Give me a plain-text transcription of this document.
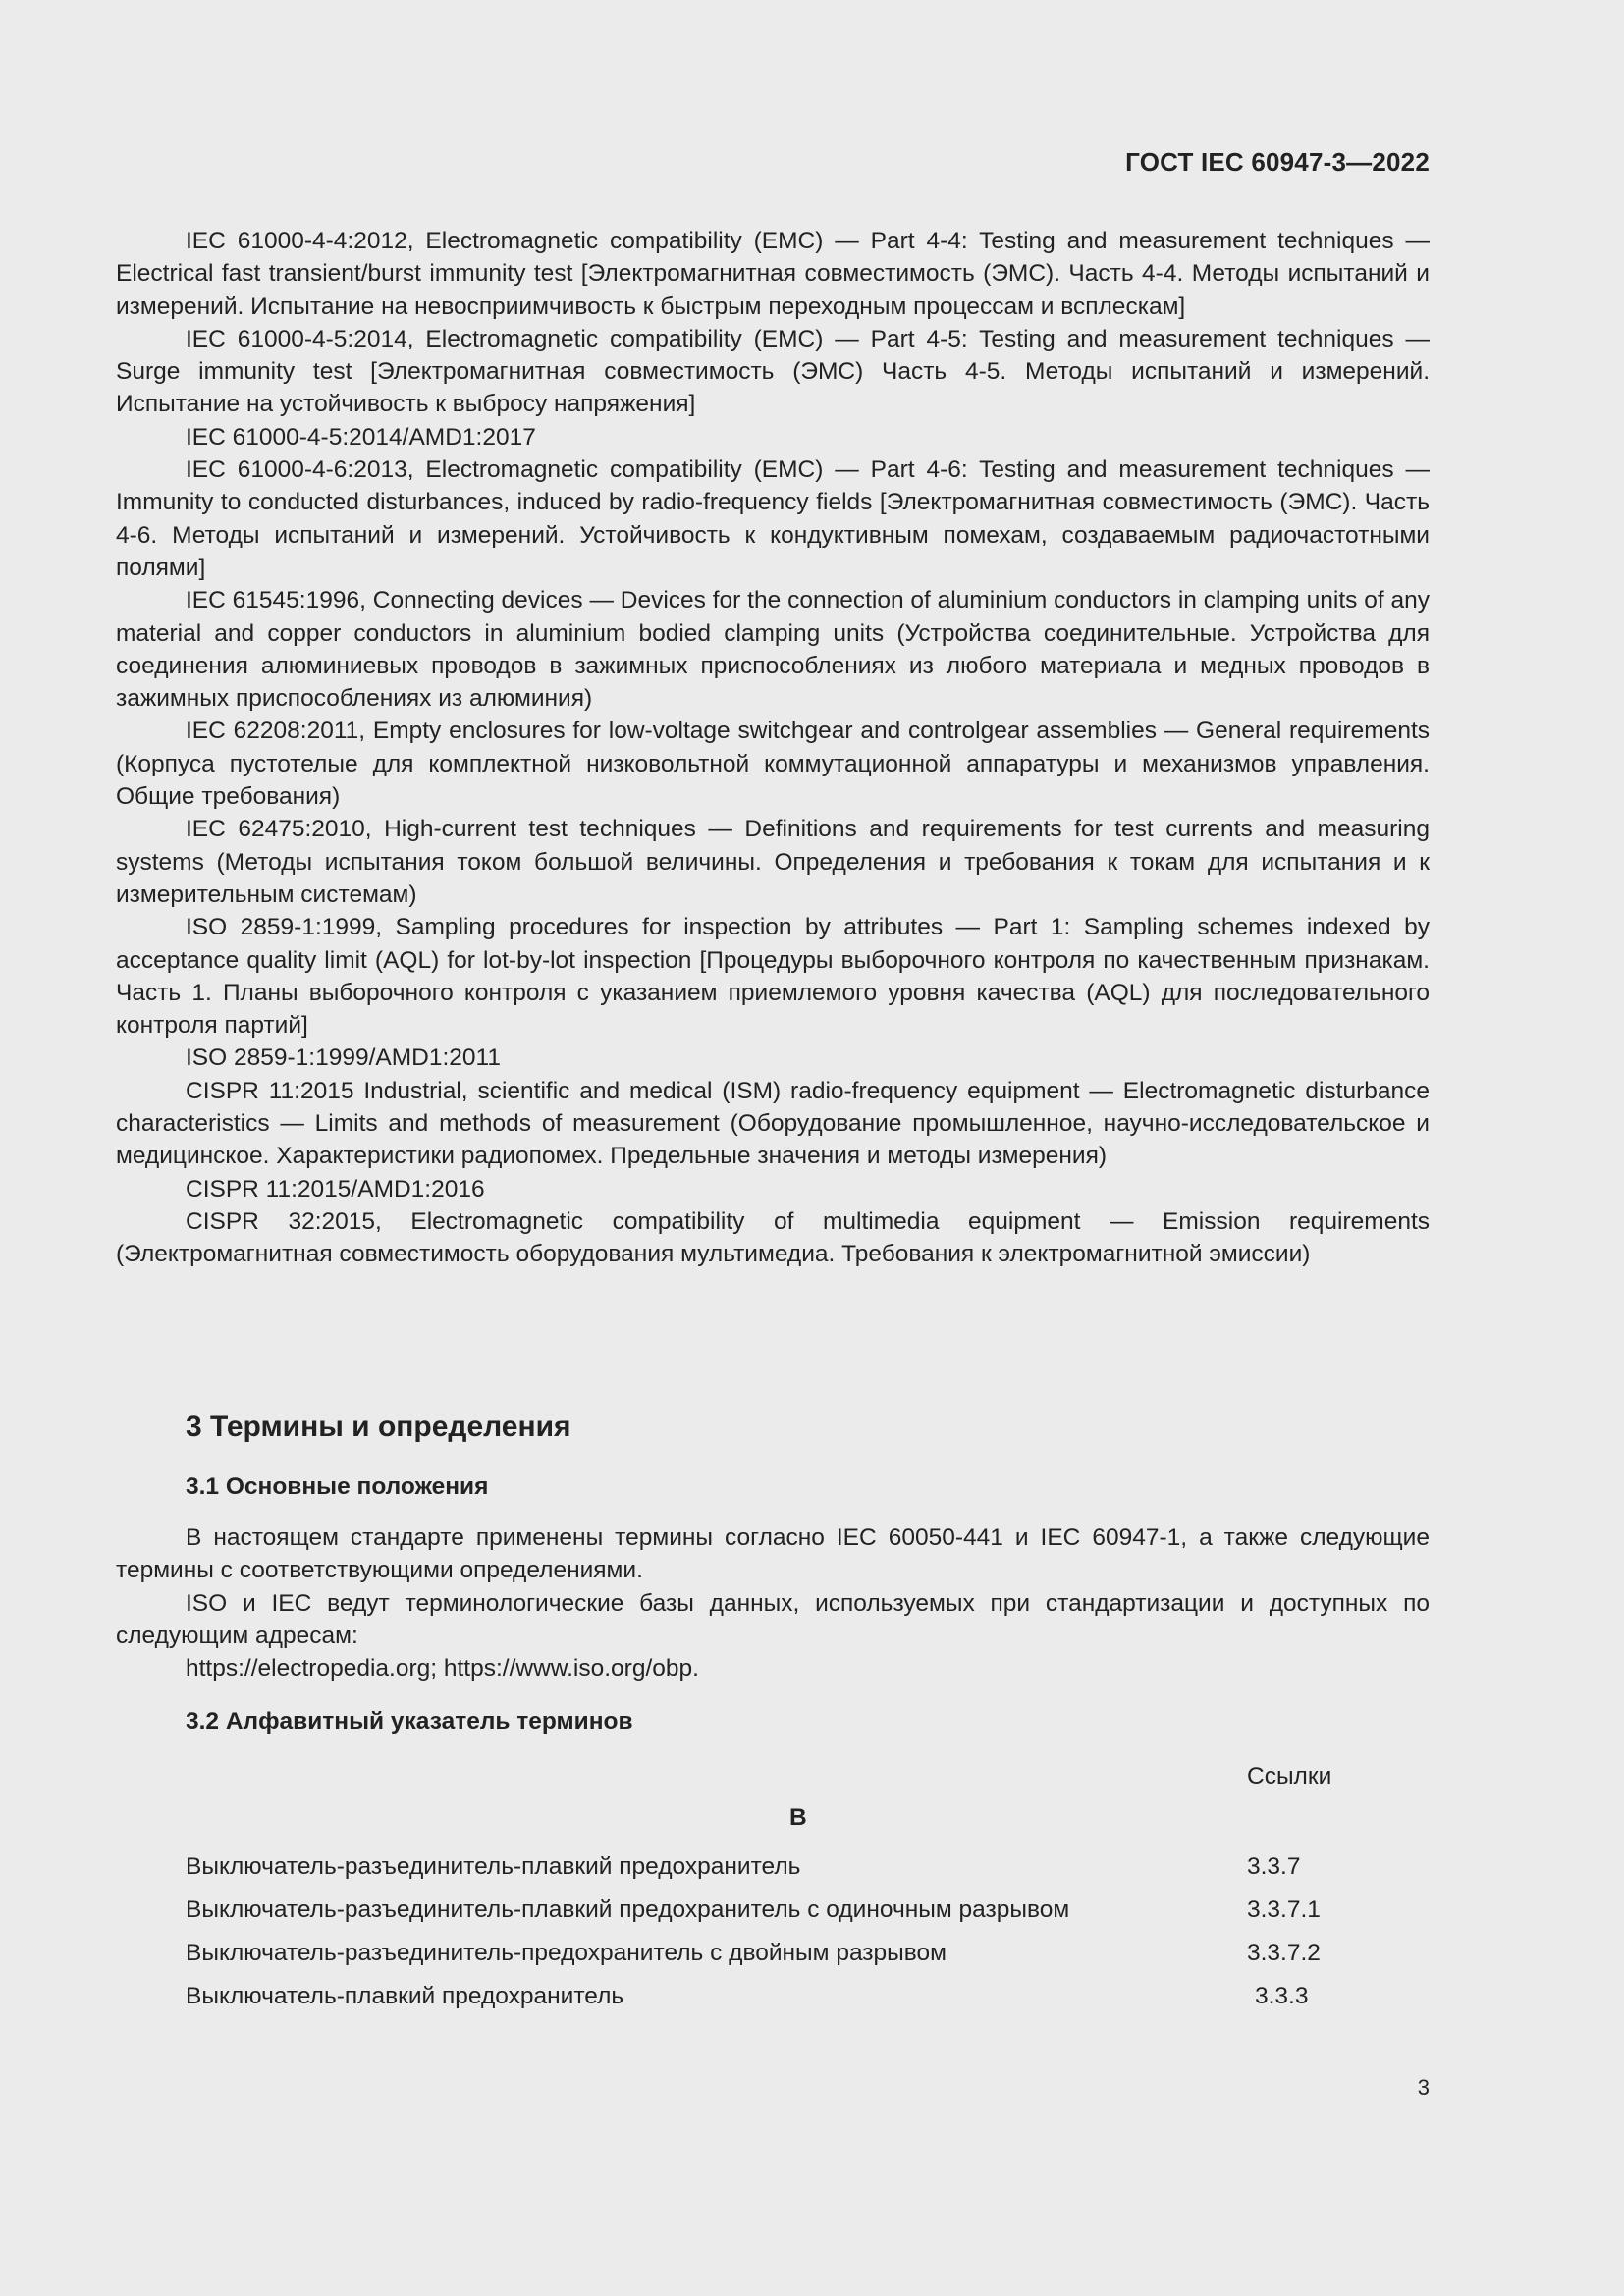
ГОСТ IEC 60947-3—2022

IEC 61000-4-4:2012, Electromagnetic compatibility (EMC) — Part 4-4: Testing and measurement techniques — Electrical fast transient/burst immunity test [Электромагнитная совместимость (ЭМС). Часть 4-4. Методы испытаний и измерений. Испытание на невосприимчивость к быстрым переходным процессам и всплескам]

IEC 61000-4-5:2014, Electromagnetic compatibility (EMC) — Part 4-5: Testing and measurement techniques — Surge immunity test [Электромагнитная совместимость (ЭМС) Часть 4-5. Методы испытаний и измерений. Испытание на устойчивость к выбросу напряжения]

IEC 61000-4-5:2014/AMD1:2017

IEC 61000-4-6:2013, Electromagnetic compatibility (EMC) — Part 4-6: Testing and measurement techniques — Immunity to conducted disturbances, induced by radio-frequency fields [Электромагнитная совместимость (ЭМС). Часть 4-6. Методы испытаний и измерений. Устойчивость к кондуктивным помехам, создаваемым радиочастотными полями]

IEC 61545:1996, Connecting devices — Devices for the connection of aluminium conductors in clamping units of any material and copper conductors in aluminium bodied clamping units (Устройства соединительные. Устройства для соединения алюминиевых проводов в зажимных приспособлениях из любого материала и медных проводов в зажимных приспособлениях из алюминия)

IEC 62208:2011, Empty enclosures for low-voltage switchgear and controlgear assemblies — General requirements (Корпуса пустотелые для комплектной низковольтной коммутационной аппаратуры и механизмов управления. Общие требования)

IEC 62475:2010, High-current test techniques — Definitions and requirements for test currents and measuring systems (Методы испытания током большой величины. Определения и требования к токам для испытания и к измерительным системам)

ISO 2859-1:1999, Sampling procedures for inspection by attributes — Part 1: Sampling schemes indexed by acceptance quality limit (AQL) for lot-by-lot inspection [Процедуры выборочного контроля по качественным признакам. Часть 1. Планы выборочного контроля с указанием приемлемого уровня качества (AQL) для последовательного контроля партий]

ISO 2859-1:1999/AMD1:2011

CISPR 11:2015 Industrial, scientific and medical (ISM) radio-frequency equipment — Electromagnetic disturbance characteristics — Limits and methods of measurement (Оборудование промышленное, научно-исследовательское и медицинское. Характеристики радиопомех. Предельные значения и методы измерения)

CISPR 11:2015/AMD1:2016

CISPR 32:2015, Electromagnetic compatibility of multimedia equipment — Emission requirements (Электромагнитная совместимость оборудования мультимедиа. Требования к электромагнитной эмиссии)

3 Термины и определения
3.1 Основные положения

В настоящем стандарте применены термины согласно IEC 60050-441 и IEC 60947-1, а также следующие термины с соответствующими определениями.

ISO и IEC ведут терминологические базы данных, используемых при стандартизации и доступных по следующим адресам:

https://electropedia.org; https://www.iso.org/obp.

3.2 Алфавитный указатель терминов
Ссылки
В
Выключатель-разъединитель-плавкий предохранитель	3.3.7
Выключатель-разъединитель-плавкий предохранитель с одиночным разрывом	3.3.7.1
Выключатель-разъединитель-предохранитель с двойным разрывом	3.3.7.2
Выключатель-плавкий предохранитель	3.3.3
3
